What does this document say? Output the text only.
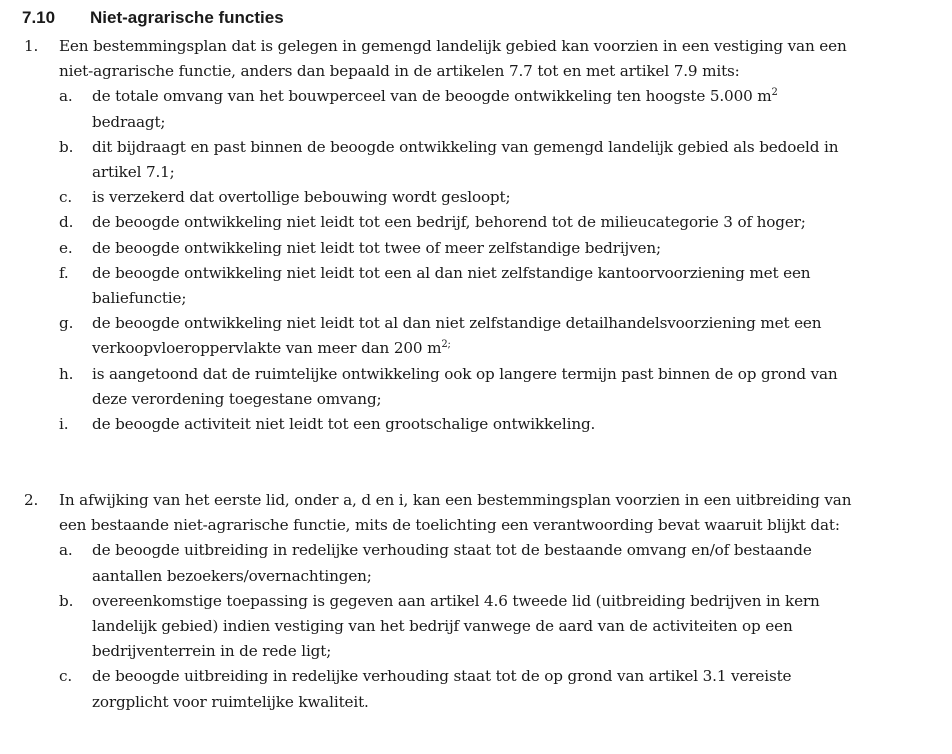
7.10 Niet-agrarische functies
1.	Een bestemmingsplan dat is gelegen in gemengd landelijk gebied kan voorzien in een vestiging van een niet-agrarische functie, anders dan bepaald in de artikelen 7.7 tot en met artikel 7.9 mits:
a.	de totale omvang van het bouwperceel van de beoogde ontwikkeling ten hoogste 5.000 $m^2$ bedraagt;
b.	dit bijdraagt en past binnen de beoogde ontwikkeling van gemengd landelijk gebied als bedoeld in artikel 7.1;
c.	is verzekerd dat overtollige bebouwing wordt gesloopt;
d.	de beoogde ontwikkeling niet leidt tot een bedrijf, behorend tot de milieucategorie 3 of hoger;
e.	de beoogde ontwikkeling niet leidt tot twee of meer zelfstandige bedrijven;
f.	de beoogde ontwikkeling niet leidt tot een al dan niet zelfstandige kantoorvoorziening met een baliefunctie;
g.	de beoogde ontwikkeling niet leidt tot al dan niet zelfstandige detailhandelsvoorziening met een verkoopvloeroppervlakte van meer dan 200 $m^{2;}$
h.	is aangetoond dat de ruimtelijke ontwikkeling ook op langere termijn past binnen de op grond van deze verordening toegestane omvang;
i.	de beoogde activiteit niet leidt tot een grootschalige ontwikkeling.
2.	In afwijking van het eerste lid, onder a, d en i, kan een bestemmingsplan voorzien in een uitbreiding van een bestaande niet-agrarische functie, mits de toelichting een verantwoording bevat waaruit blijkt dat:
a.	de beoogde uitbreiding in redelijke verhouding staat tot de bestaande omvang en/of bestaande aantallen bezoekers/overnachtingen;
b.	overeenkomstige toepassing is gegeven aan artikel 4.6 tweede lid (uitbreiding bedrijven in kern landelijk gebied) indien vestiging van het bedrijf vanwege de aard van de activiteiten op een bedrijventerrein in de rede ligt;
c.	de beoogde uitbreiding in redelijke verhouding staat tot de op grond van artikel 3.1 vereiste zorgplicht voor ruimtelijke kwaliteit.
